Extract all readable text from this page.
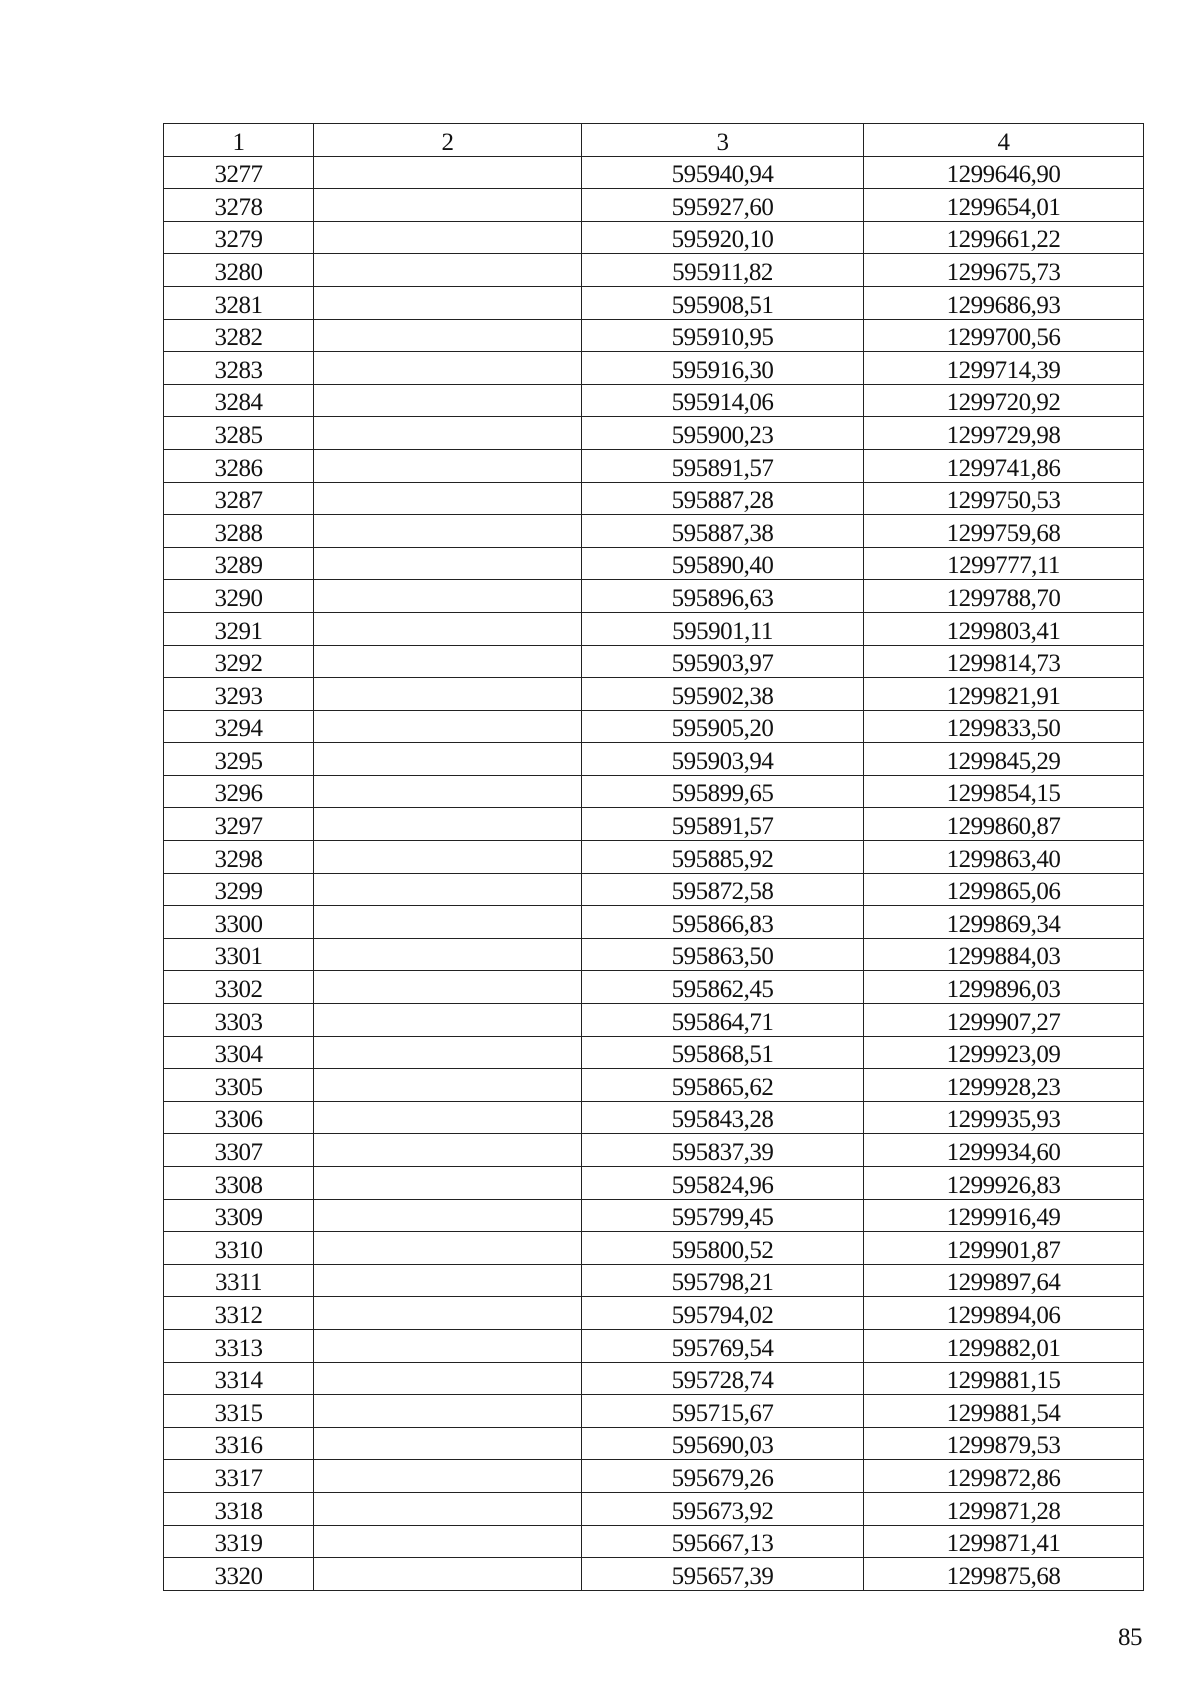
1	2	3	4

3277		595940,94	1299646,90

3278		595927,60	1299654,01

3279		595920,10	1299661,22

3280		595911,82	1299675,73

3281		595908,51	1299686,93

3282		595910,95	1299700,56

3283		595916,30	1299714,39

3284		595914,06	1299720,92

3285		595900,23	1299729,98

3286		595891,57	1299741,86

3287		595887,28	1299750,53

3288		595887,38	1299759,68

3289		595890,40	1299777,11

3290		595896,63	1299788,70

3291		595901,11	1299803,41

3292		595903,97	1299814,73

3293		595902,38	1299821,91

3294		595905,20	1299833,50

3295		595903,94	1299845,29

3296		595899,65	1299854,15

3297		595891,57	1299860,87

3298		595885,92	1299863,40

3299		595872,58	1299865,06

3300		595866,83	1299869,34

3301		595863,50	1299884,03

3302		595862,45	1299896,03

3303		595864,71	1299907,27

3304		595868,51	1299923,09

3305		595865,62	1299928,23

3306		595843,28	1299935,93

3307		595837,39	1299934,60

3308		595824,96	1299926,83

3309		595799,45	1299916,49

3310		595800,52	1299901,87

3311		595798,21	1299897,64

3312		595794,02	1299894,06

3313		595769,54	1299882,01

3314		595728,74	1299881,15

3315		595715,67	1299881,54

3316		595690,03	1299879,53

3317		595679,26	1299872,86

3318		595673,92	1299871,28

3319		595667,13	1299871,41

3320		595657,39	1299875,68
85
